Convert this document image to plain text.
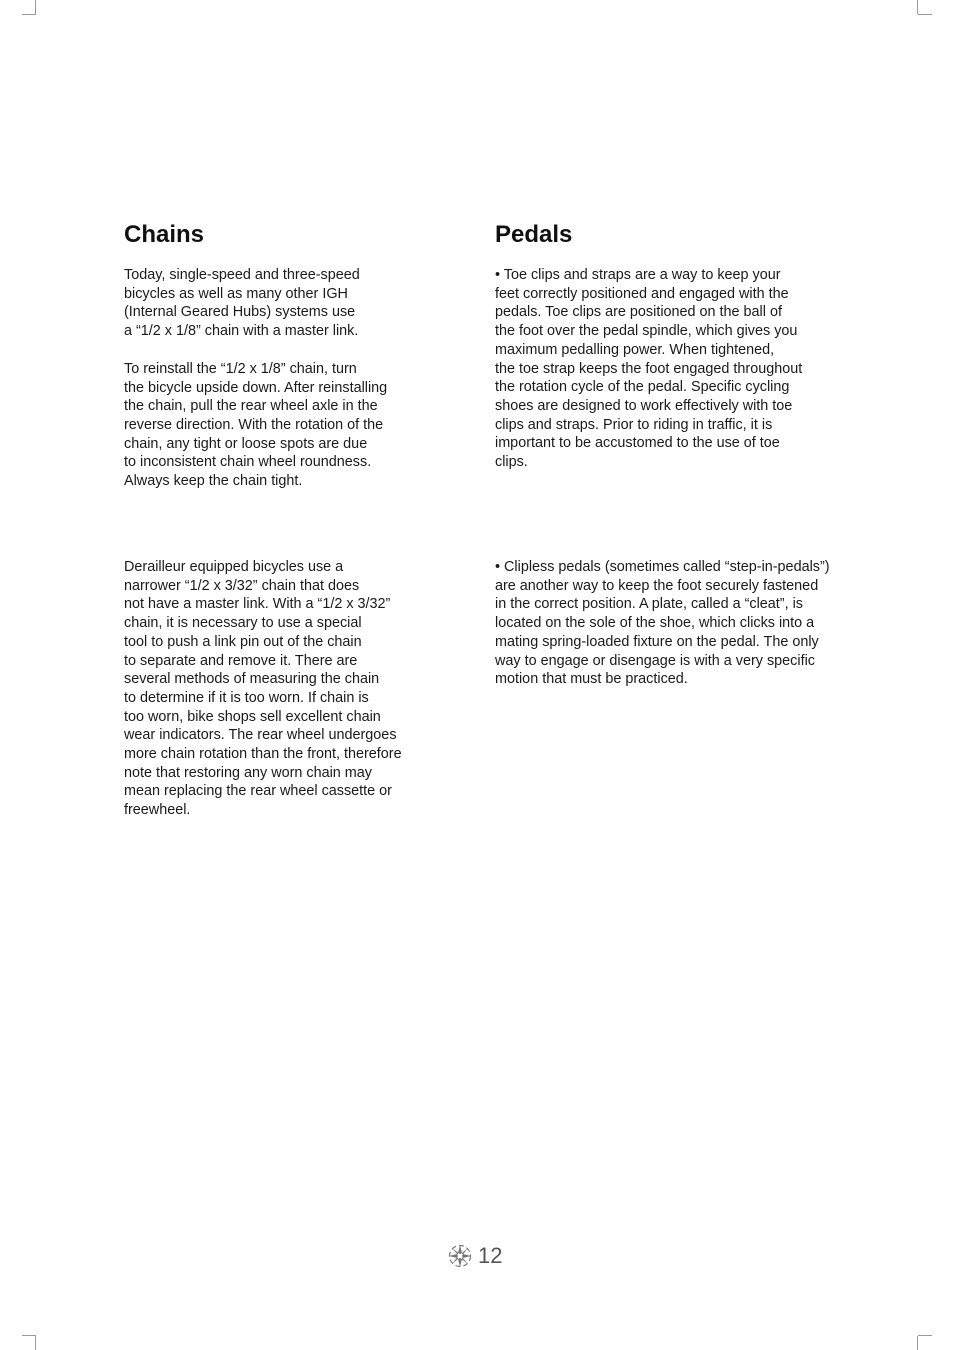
Chains

Today, single-speed and three-speed
bicycles as well as many other IGH
(Internal Geared Hubs) systems use
a “1/2 x 1/8” chain with a master link.

To reinstall the “1/2 x 1/8” chain, turn
the bicycle upside down. After reinstalling
the chain, pull the rear wheel axle in the
reverse direction. With the rotation of the
chain, any tight or loose spots are due
to inconsistent chain wheel roundness.
Always keep the chain tight.

Pedals

• Toe clips and straps are a way to keep your
feet correctly positioned and engaged with the
pedals. Toe clips are positioned on the ball of
the foot over the pedal spindle, which gives you
maximum pedalling power. When tightened,
the toe strap keeps the foot engaged throughout
the rotation cycle of the pedal. Specific cycling
shoes are designed to work effectively with toe
clips and straps. Prior to riding in traffic, it is
important to be accustomed to the use of toe
clips.

Derailleur equipped bicycles use a
narrower “1/2 x 3/32” chain that does
not have a master link. With a “1/2 x 3/32”
chain, it is necessary to use a special
tool to push a link pin out of the chain
to separate and remove it. There are
several methods of measuring the chain
to determine if it is too worn. If chain is
too worn, bike shops sell excellent chain
wear indicators. The rear wheel undergoes
more chain rotation than the front, therefore
note that restoring any worn chain may
mean replacing the rear wheel cassette or
freewheel.

• Clipless pedals (sometimes called “step-in-pedals”)
are another way to keep the foot securely fastened
in the correct position. A plate, called a “cleat”, is
located on the sole of the shoe, which clicks into a
mating spring-loaded fixture on the pedal. The only
way to engage or disengage is with a very specific
motion that must be practiced.

12
